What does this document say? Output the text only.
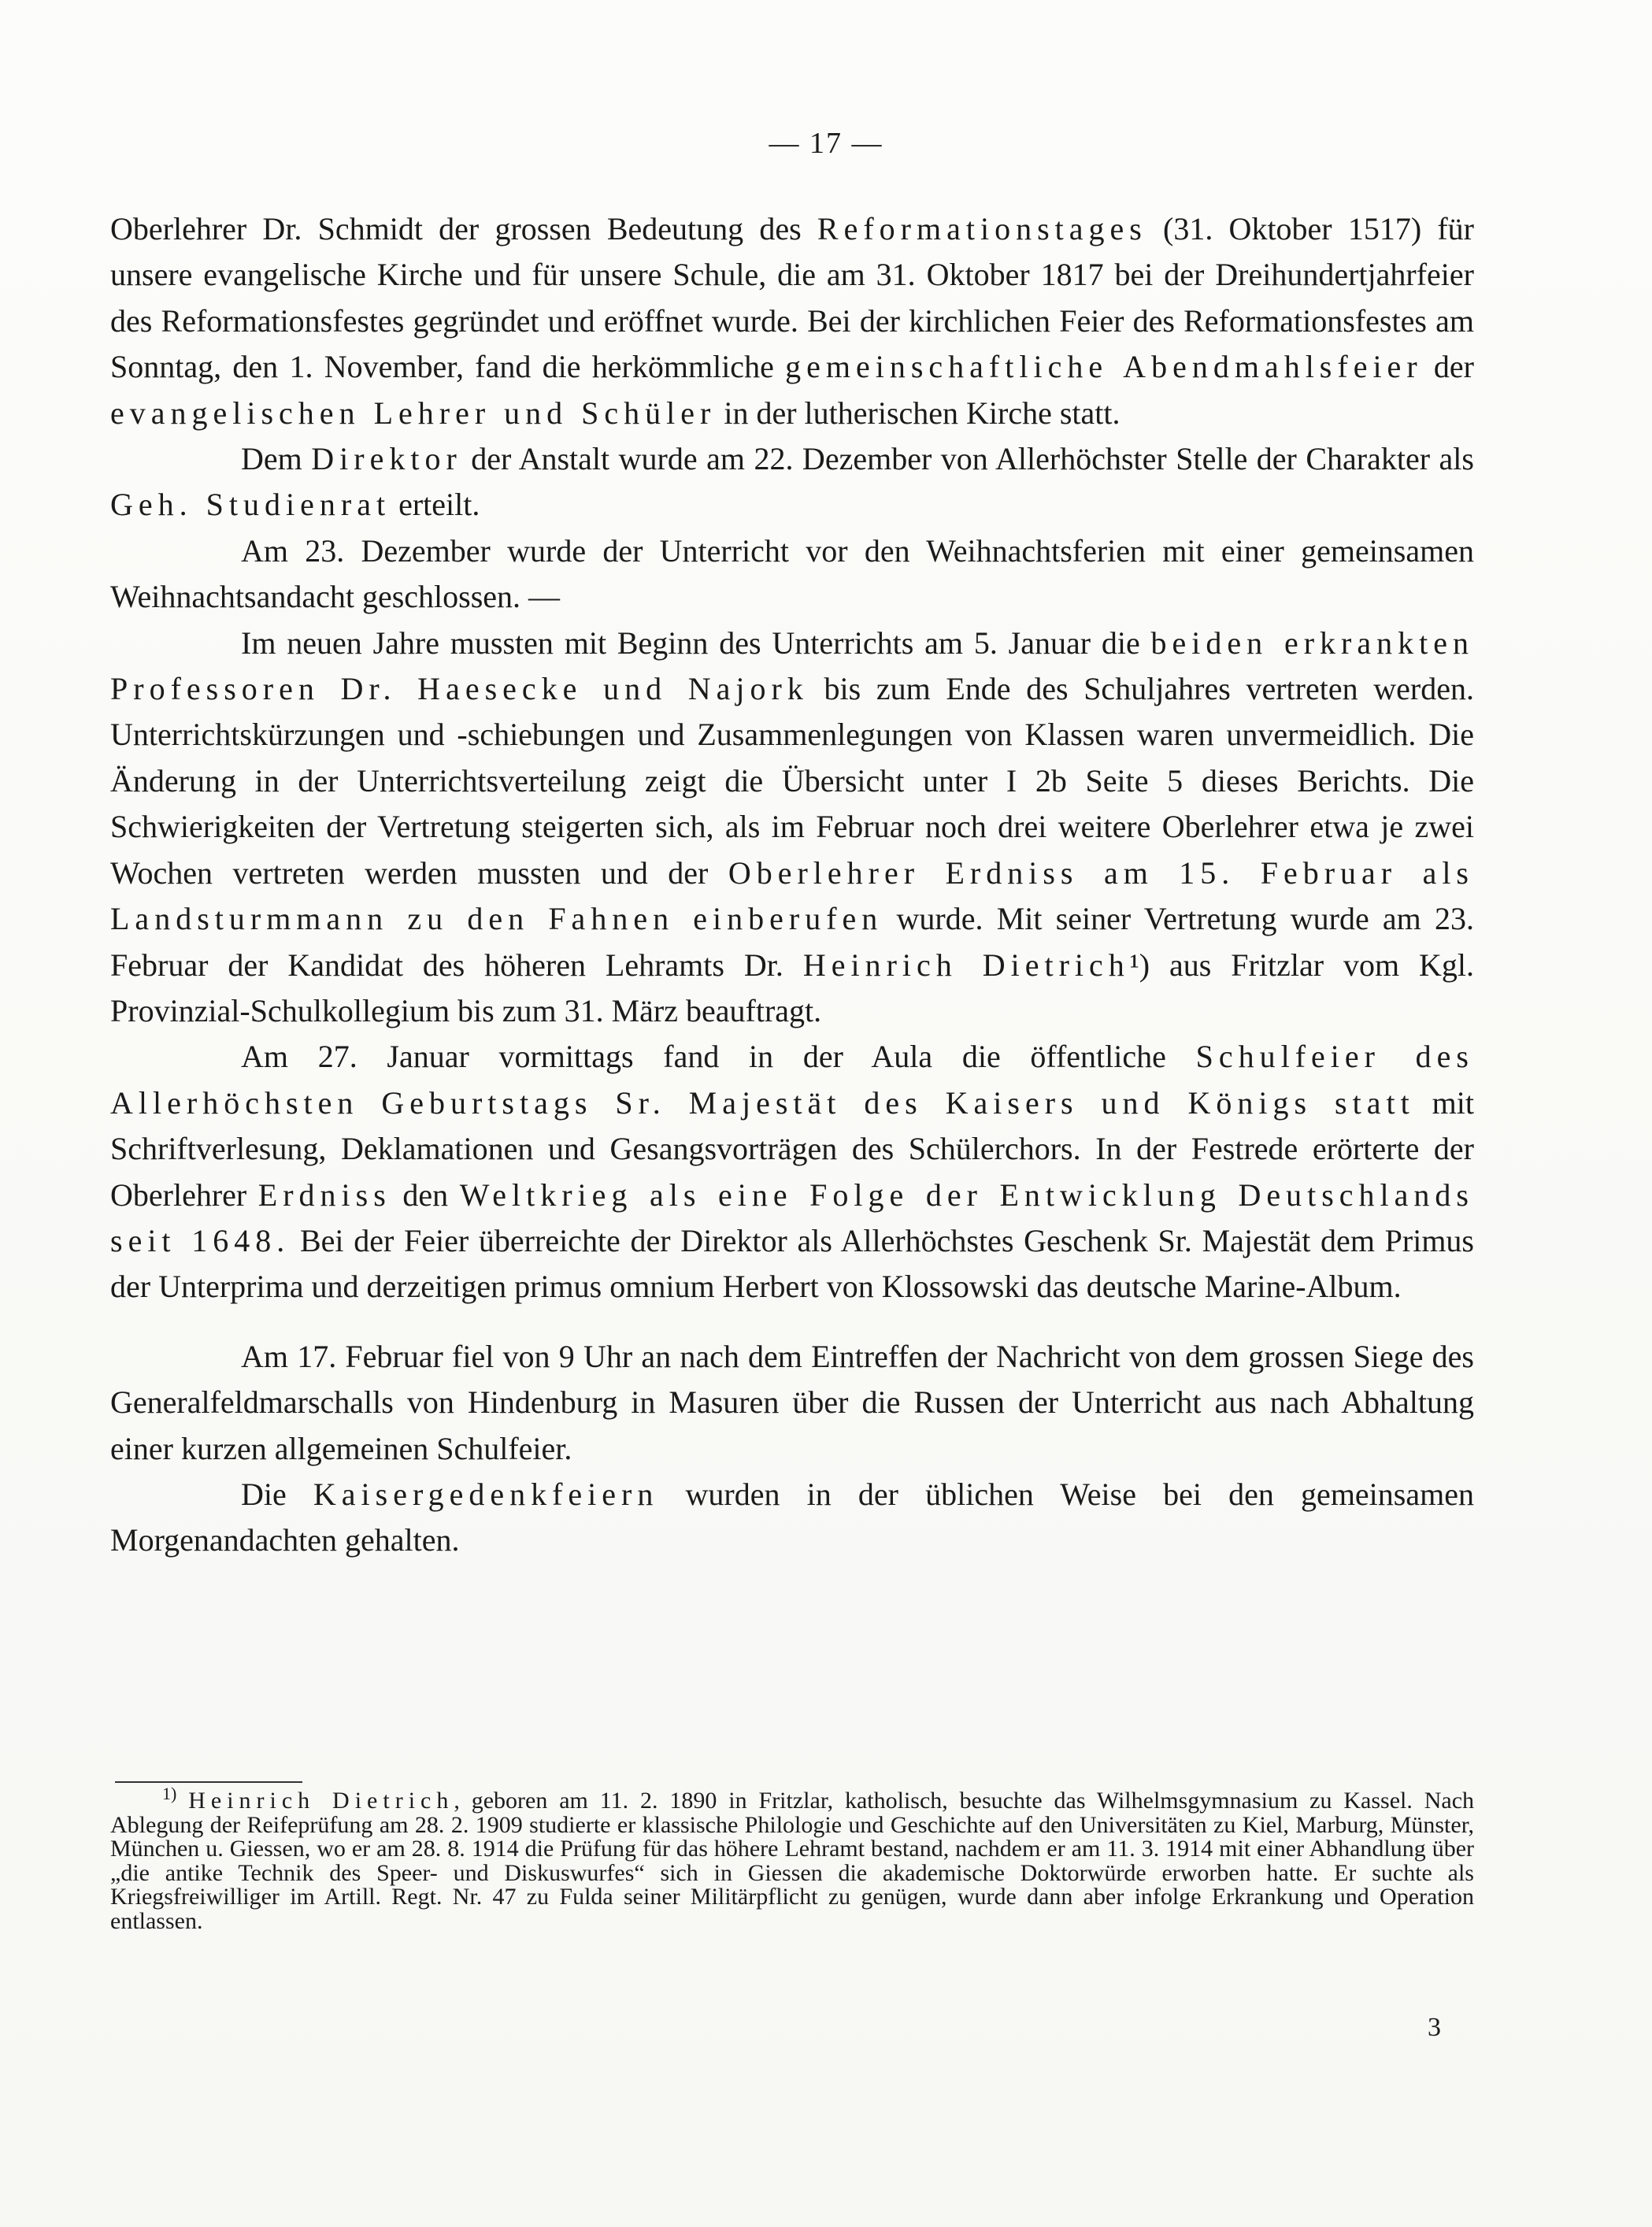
— 17 —

Oberlehrer Dr. Schmidt der grossen Bedeutung des Reformationstages (31. Oktober 1517) für unsere evangelische Kirche und für unsere Schule, die am 31. Oktober 1817 bei der Dreihundertjahrfeier des Reformationsfestes gegründet und eröffnet wurde. Bei der kirchlichen Feier des Reformationsfestes am Sonntag, den 1. November, fand die herkömmliche gemeinschaftliche Abendmahlsfeier der evangelischen Lehrer und Schüler in der lutherischen Kirche statt.

Dem Direktor der Anstalt wurde am 22. Dezember von Allerhöchster Stelle der Charakter als Geh. Studienrat erteilt.

Am 23. Dezember wurde der Unterricht vor den Weihnachtsferien mit einer gemeinsamen Weihnachtsandacht geschlossen. —

Im neuen Jahre mussten mit Beginn des Unterrichts am 5. Januar die beiden erkrankten Professoren Dr. Haesecke und Najork bis zum Ende des Schuljahres vertreten werden. Unterrichtskürzungen und -schiebungen und Zusammenlegungen von Klassen waren unvermeidlich. Die Änderung in der Unterrichtsverteilung zeigt die Übersicht unter I 2b Seite 5 dieses Berichts. Die Schwierigkeiten der Vertretung steigerten sich, als im Februar noch drei weitere Oberlehrer etwa je zwei Wochen vertreten werden mussten und der Oberlehrer Erdniss am 15. Februar als Landsturmmann zu den Fahnen einberufen wurde. Mit seiner Vertretung wurde am 23. Februar der Kandidat des höheren Lehramts Dr. Heinrich Dietrich¹) aus Fritzlar vom Kgl. Provinzial-Schulkollegium bis zum 31. März beauftragt.

Am 27. Januar vormittags fand in der Aula die öffentliche Schulfeier des Allerhöchsten Geburtstags Sr. Majestät des Kaisers und Königs statt mit Schriftverlesung, Deklamationen und Gesangsvorträgen des Schülerchors. In der Festrede erörterte der Oberlehrer Erdniss den Weltkrieg als eine Folge der Entwicklung Deutschlands seit 1648. Bei der Feier überreichte der Direktor als Allerhöchstes Geschenk Sr. Majestät dem Primus der Unterprima und derzeitigen primus omnium Herbert von Klossowski das deutsche Marine-Album.

Am 17. Februar fiel von 9 Uhr an nach dem Eintreffen der Nachricht von dem grossen Siege des Generalfeldmarschalls von Hindenburg in Masuren über die Russen der Unterricht aus nach Abhaltung einer kurzen allgemeinen Schulfeier.

Die Kaisergedenkfeiern wurden in der üblichen Weise bei den gemeinsamen Morgenandachten gehalten.

$^{1)}$ Heinrich Dietrich, geboren am 11. 2. 1890 in Fritzlar, katholisch, besuchte das Wilhelmsgymnasium zu Kassel. Nach Ablegung der Reifeprüfung am 28. 2. 1909 studierte er klassische Philologie und Geschichte auf den Universitäten zu Kiel, Marburg, Münster, München u. Giessen, wo er am 28. 8. 1914 die Prüfung für das höhere Lehramt bestand, nachdem er am 11. 3. 1914 mit einer Abhandlung über „die antike Technik des Speer- und Diskuswurfes“ sich in Giessen die akademische Doktorwürde erworben hatte. Er suchte als Kriegsfreiwilliger im Artill. Regt. Nr. 47 zu Fulda seiner Militärpflicht zu genügen, wurde dann aber infolge Erkrankung und Operation entlassen.

3
